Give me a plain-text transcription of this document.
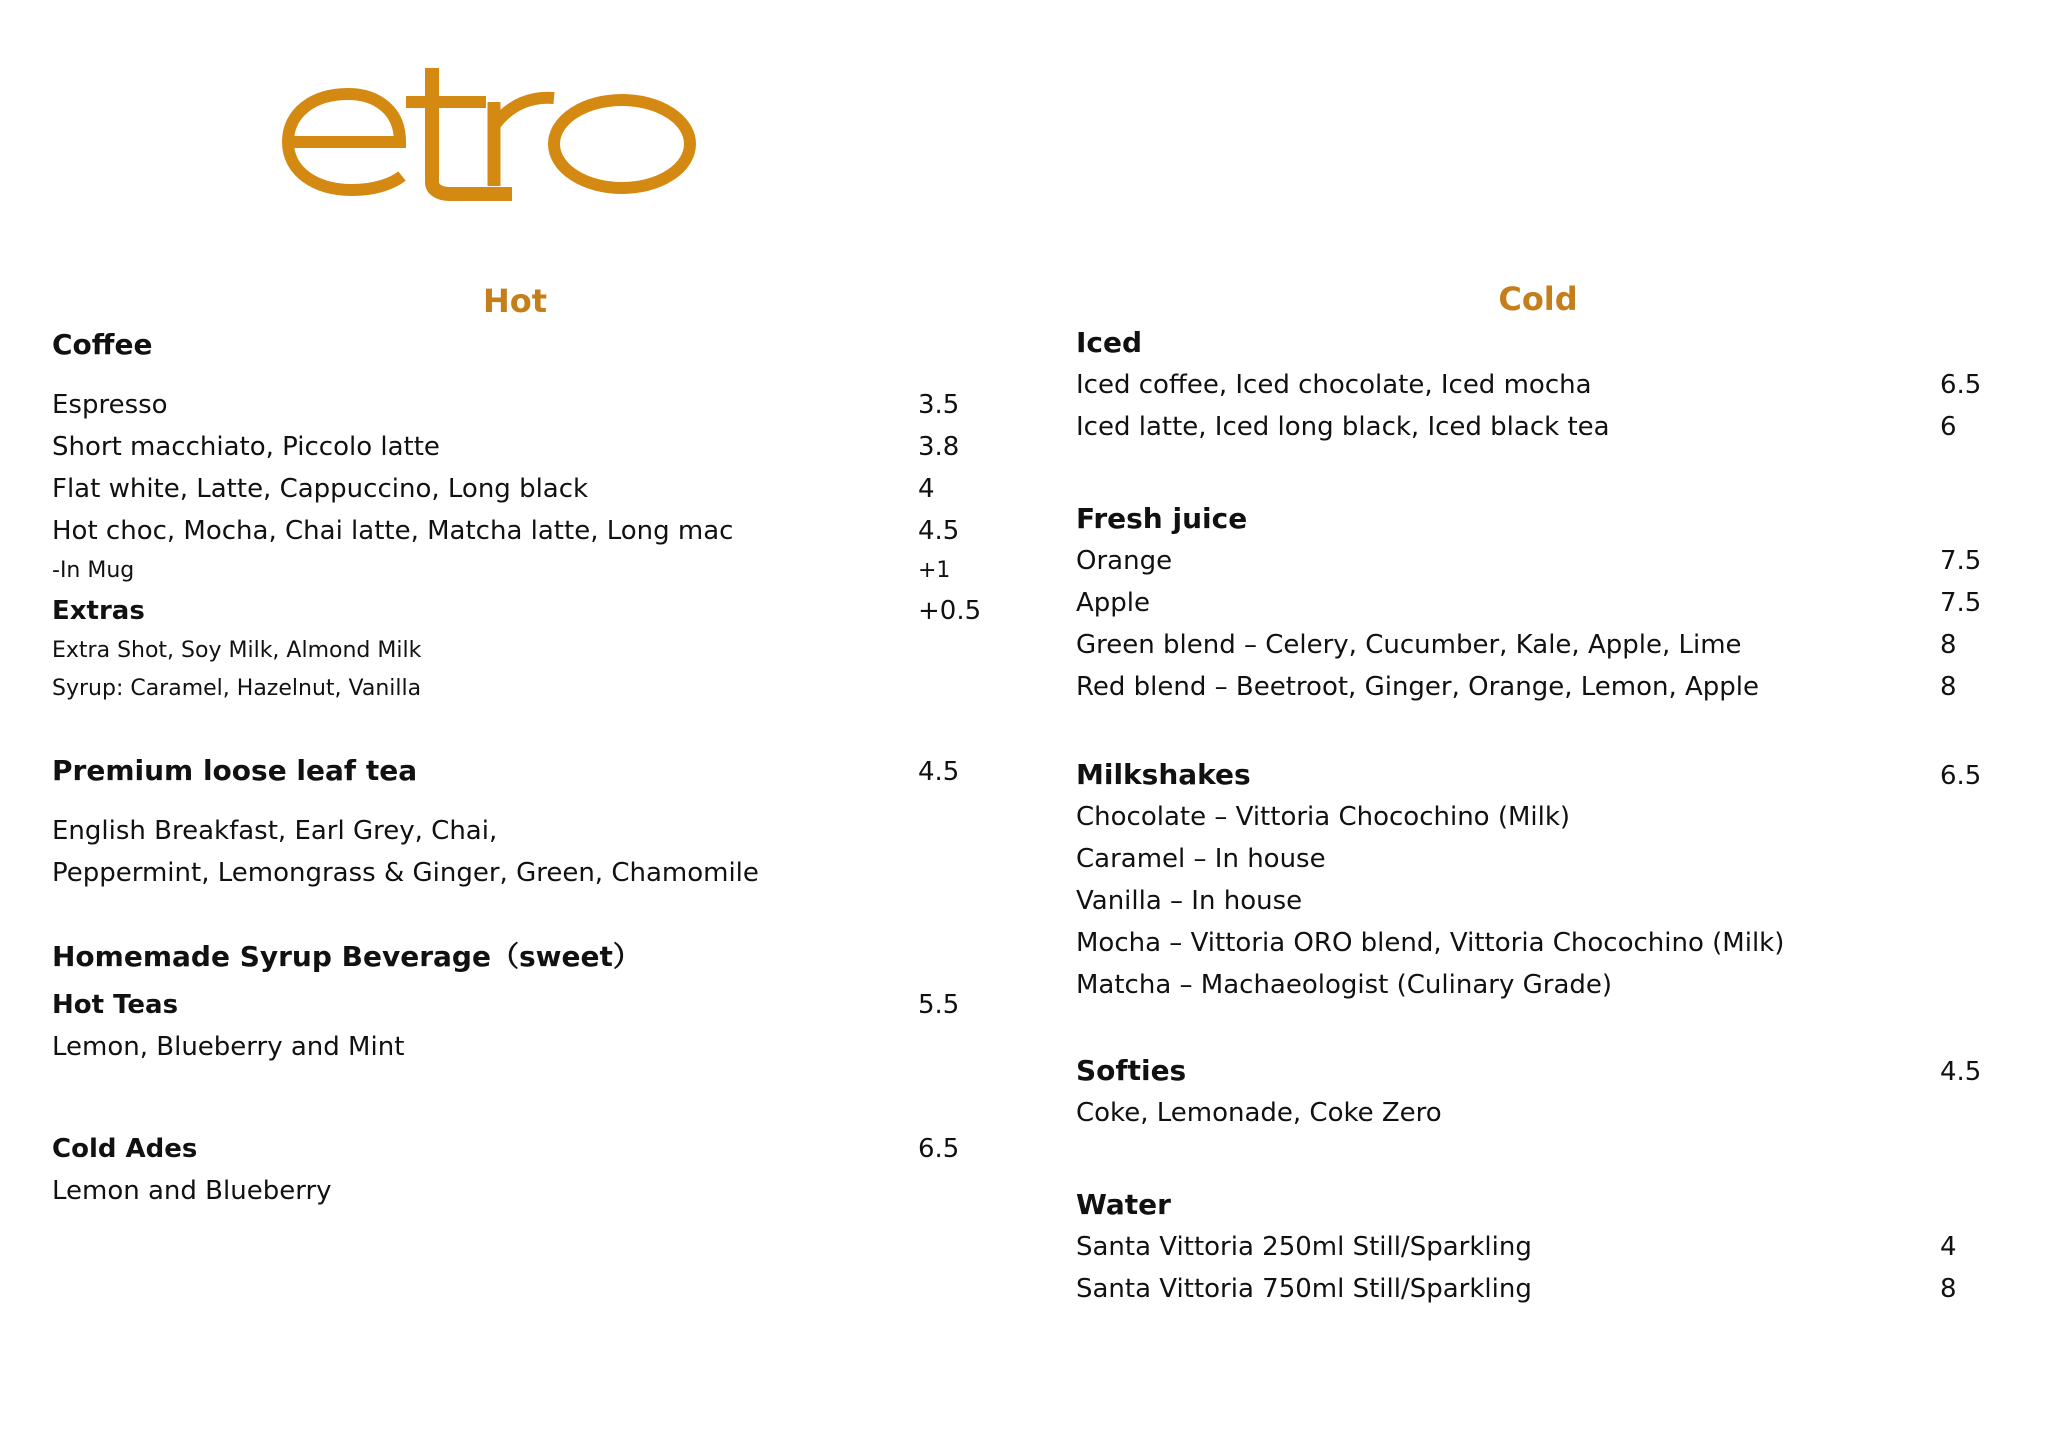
Hot
Coffee
Espresso	3.5
Short macchiato, Piccolo latte	3.8
Flat white, Latte, Cappuccino, Long black	4
Hot choc, Mocha, Chai latte, Matcha latte, Long mac	4.5
-In Mug	+1
Extras	+0.5
Extra Shot, Soy Milk, Almond Milk
Syrup: Caramel, Hazelnut, Vanilla
Premium loose leaf tea	4.5
English Breakfast, Earl Grey, Chai,
Peppermint, Lemongrass & Ginger, Green, Chamomile
Homemade Syrup Beverage（sweet）
Hot Teas	5.5
Lemon, Blueberry and Mint
Cold Ades	6.5
Lemon and Blueberry
Cold
Iced
Iced coffee, Iced chocolate, Iced mocha	6.5
Iced latte, Iced long black, Iced black tea	6
Fresh juice
Orange	7.5
Apple	7.5
Green blend – Celery, Cucumber, Kale, Apple, Lime	8
Red blend – Beetroot, Ginger, Orange, Lemon, Apple	8
Milkshakes	6.5
Chocolate – Vittoria Chocochino (Milk)
Caramel – In house
Vanilla – In house
Mocha – Vittoria ORO blend, Vittoria Chocochino (Milk)
Matcha – Machaeologist (Culinary Grade)
Softies	4.5
Coke, Lemonade, Coke Zero
Water
Santa Vittoria 250ml Still/Sparkling	4
Santa Vittoria 750ml Still/Sparkling	8
